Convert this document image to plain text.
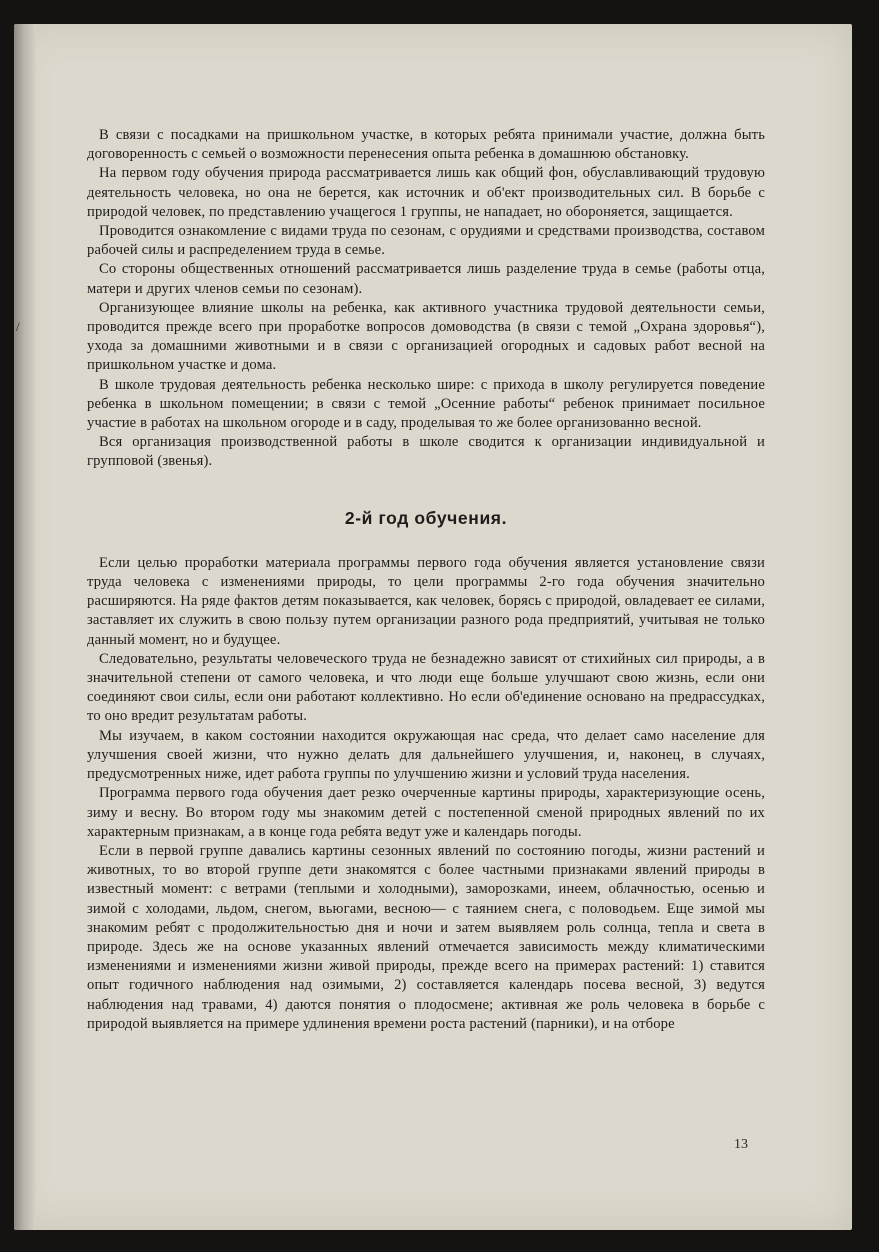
/

В связи с посадками на пришкольном участке, в которых ребята принимали участие, должна быть договоренность с семьей о возможности перенесения опыта ребенка в домашнюю обстановку.

На первом году обучения природа рассматривается лишь как общий фон, обуславливающий трудовую деятельность человека, но она не берется, как источник и об'ект производительных сил. В борьбе с природой человек, по представлению учащегося 1 группы, не нападает, но обороняется, защищается.

Проводится ознакомление с видами труда по сезонам, с орудиями и средствами производства, составом рабочей силы и распределением труда в семье.

Со стороны общественных отношений рассматривается лишь разделение труда в семье (работы отца, матери и других членов семьи по сезонам).

Организующее влияние школы на ребенка, как активного участника трудовой деятельности семьи, проводится прежде всего при проработке вопросов домоводства (в связи с темой „Охрана здоровья“), ухода за домашними животными и в связи с организацией огородных и садовых работ весной на пришкольном участке и дома.

В школе трудовая деятельность ребенка несколько шире: с прихода в школу регулируется поведение ребенка в школьном помещении; в связи с темой „Осенние работы“ ребенок принимает посильное участие в работах на школьном огороде и в саду, проделывая то же более организованно весной.

Вся организация производственной работы в школе сводится к организации индивидуальной и групповой (звенья).

2-й год обучения.

Если целью проработки материала программы первого года обучения является установление связи труда человека с изменениями природы, то цели программы 2-го года обучения значительно расширяются. На ряде фактов детям показывается, как человек, борясь с природой, овладевает ее силами, заставляет их служить в свою пользу путем организации разного рода предприятий, учитывая не только данный момент, но и будущее.

Следовательно, результаты человеческого труда не безнадежно зависят от стихийных сил природы, а в значительной степени от самого человека, и что люди еще больше улучшают свою жизнь, если они соединяют свои силы, если они работают коллективно. Но если об'единение основано на предрассудках, то оно вредит результатам работы.

Мы изучаем, в каком состоянии находится окружающая нас среда, что делает само население для улучшения своей жизни, что нужно делать для дальнейшего улучшения, и, наконец, в случаях, предусмотренных ниже, идет работа группы по улучшению жизни и условий труда населения.

Программа первого года обучения дает резко очерченные картины природы, характеризующие осень, зиму и весну. Во втором году мы знакомим детей с постепенной сменой природных явлений по их характерным признакам, а в конце года ребята ведут уже и календарь погоды.

Если в первой группе давались картины сезонных явлений по состоянию погоды, жизни растений и животных, то во второй группе дети знакомятся с более частными признаками явлений природы в известный момент: с ветрами (теплыми и холодными), заморозками, инеем, облачностью, осенью и зимой с холодами, льдом, снегом, вьюгами, весною— с таянием снега, с половодьем. Еще зимой мы знакомим ребят с продолжительностью дня и ночи и затем выявляем роль солнца, тепла и света в природе. Здесь же на основе указанных явлений отмечается зависимость между климатическими изменениями и изменениями жизни живой природы, прежде всего на примерах растений: 1) ставится опыт годичного наблюдения над озимыми, 2) составляется календарь посева весной, 3) ведутся наблюдения над травами, 4) даются понятия о плодосмене; активная же роль человека в борьбе с природой выявляется на примере удлинения времени роста растений (парники), и на отборе

13
